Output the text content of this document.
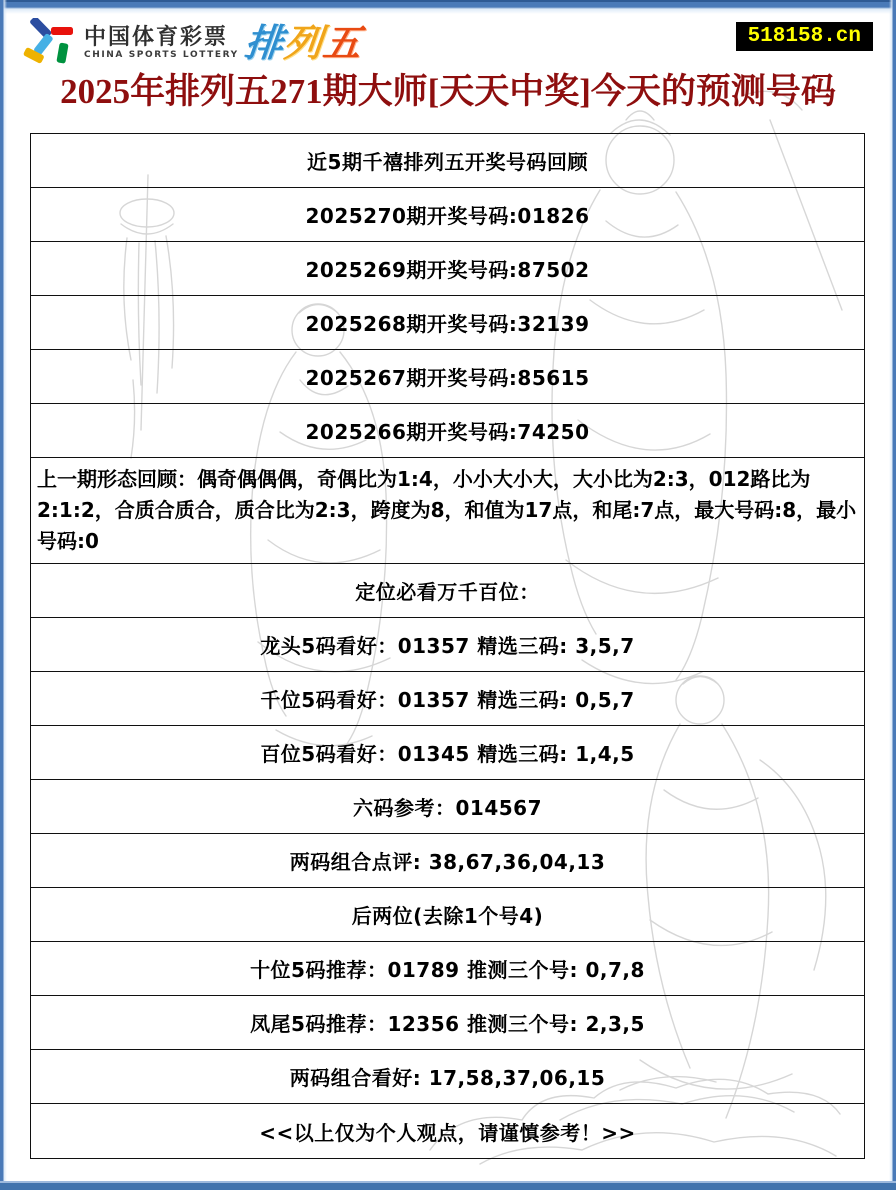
中国体育彩票
CHINA SPORTS LOTTERY 排列五	518158.cn
2025年排列五271期大师[天天中奖]今天的预测号码
近5期千禧排列五开奖号码回顾
2025270期开奖号码:01826
2025269期开奖号码:87502
2025268期开奖号码:32139
2025267期开奖号码:85615
2025266期开奖号码:74250
上一期形态回顾：偶奇偶偶偶，奇偶比为1:4，小小大小大，大小比为2:3，012路比为2:1:2，合质合质合，质合比为2:3，跨度为8，和值为17点，和尾:7点，最大号码:8，最小号码:0
定位必看万千百位：
龙头5码看好：01357 精选三码: 3,5,7
千位5码看好：01357 精选三码: 0,5,7
百位5码看好：01345 精选三码: 1,4,5
六码参考：014567
两码组合点评: 38,67,36,04,13
后两位(去除1个号4)
十位5码推荐：01789 推测三个号: 0,7,8
凤尾5码推荐：12356 推测三个号: 2,3,5
两码组合看好: 17,58,37,06,15
<<以上仅为个人观点，请谨慎参考！>>
